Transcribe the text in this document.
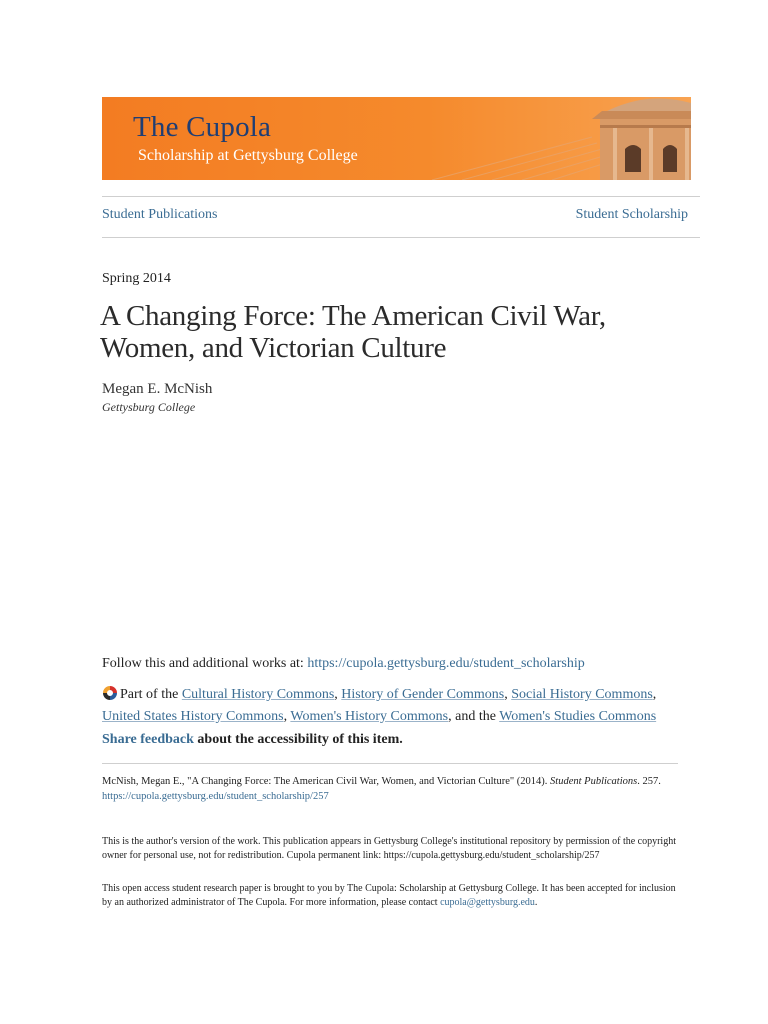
The Cupola
Scholarship at Gettysburg College
Student Publications	Student Scholarship
Spring 2014
A Changing Force: The American Civil War, Women, and Victorian Culture
Megan E. McNish
Gettysburg College
Follow this and additional works at: https://cupola.gettysburg.edu/student_scholarship
Part of the Cultural History Commons, History of Gender Commons, Social History Commons, United States History Commons, Women's History Commons, and the Women's Studies Commons
Share feedback about the accessibility of this item.
McNish, Megan E., "A Changing Force: The American Civil War, Women, and Victorian Culture" (2014). Student Publications. 257.
https://cupola.gettysburg.edu/student_scholarship/257
This is the author's version of the work. This publication appears in Gettysburg College's institutional repository by permission of the copyright owner for personal use, not for redistribution. Cupola permanent link: https://cupola.gettysburg.edu/student_scholarship/257
This open access student research paper is brought to you by The Cupola: Scholarship at Gettysburg College. It has been accepted for inclusion by an authorized administrator of The Cupola. For more information, please contact cupola@gettysburg.edu.
